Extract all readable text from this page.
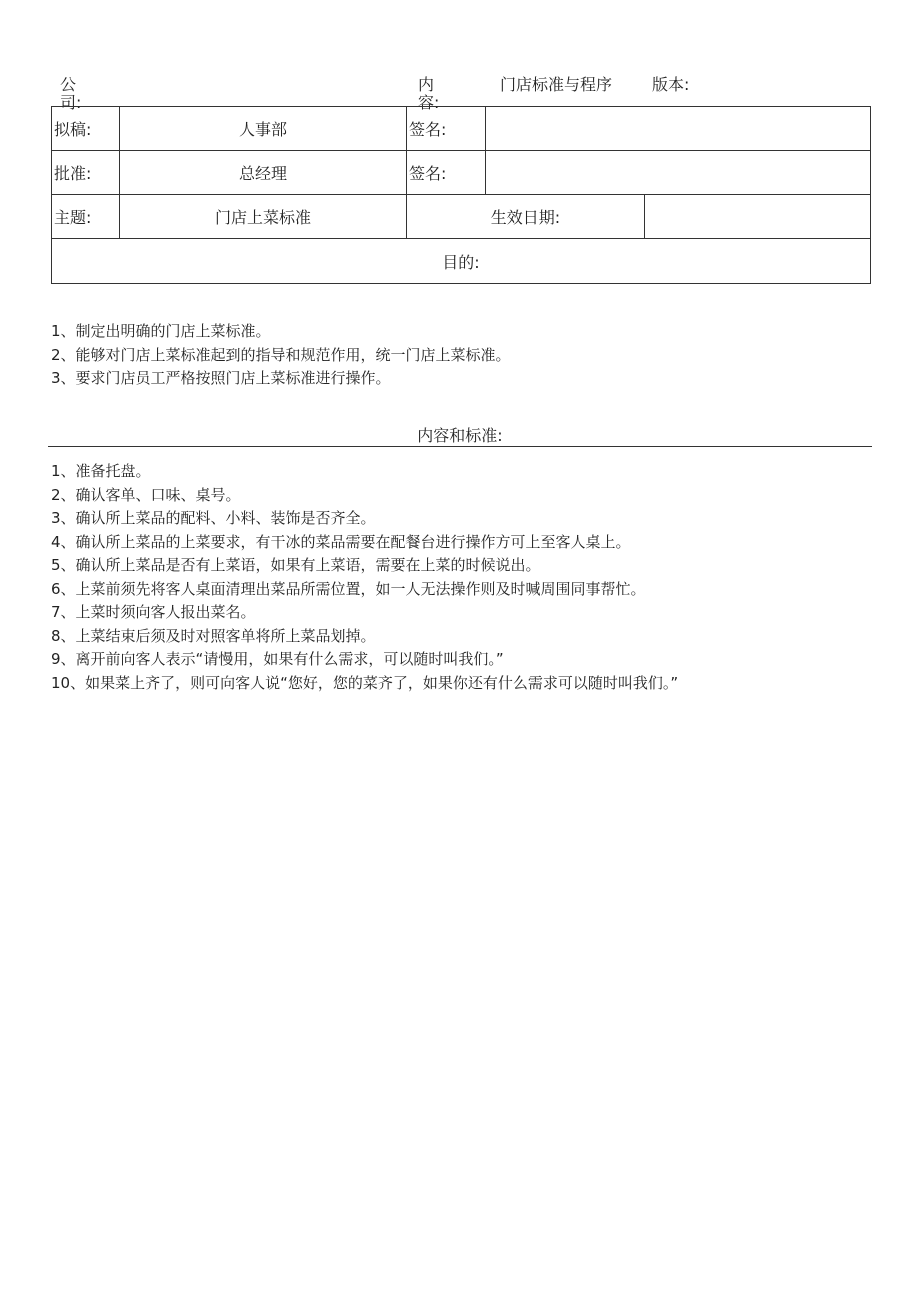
公司:
内容:
门店标准与程序 版本:
拟稿:	人事部	签名:		
批准:	总经理	签名:		
主题:	门店上菜标准	生效日期:		
目的:				
1、制定出明确的门店上菜标准。
2、能够对门店上菜标准起到的指导和规范作用，统一门店上菜标准。
3、要求门店员工严格按照门店上菜标准进行操作。
内容和标准:
1、准备托盘。
2、确认客单、口味、桌号。
3、确认所上菜品的配料、小料、装饰是否齐全。
4、确认所上菜品的上菜要求，有干冰的菜品需要在配餐台进行操作方可上至客人桌上。
5、确认所上菜品是否有上菜语，如果有上菜语，需要在上菜的时候说出。
6、上菜前须先将客人桌面清理出菜品所需位置，如一人无法操作则及时喊周围同事帮忙。
7、上菜时须向客人报出菜名。
8、上菜结束后须及时对照客单将所上菜品划掉。
9、离开前向客人表示“请慢用，如果有什么需求，可以随时叫我们。”
10、如果菜上齐了，则可向客人说“您好，您的菜齐了，如果你还有什么需求可以随时叫我们。”
